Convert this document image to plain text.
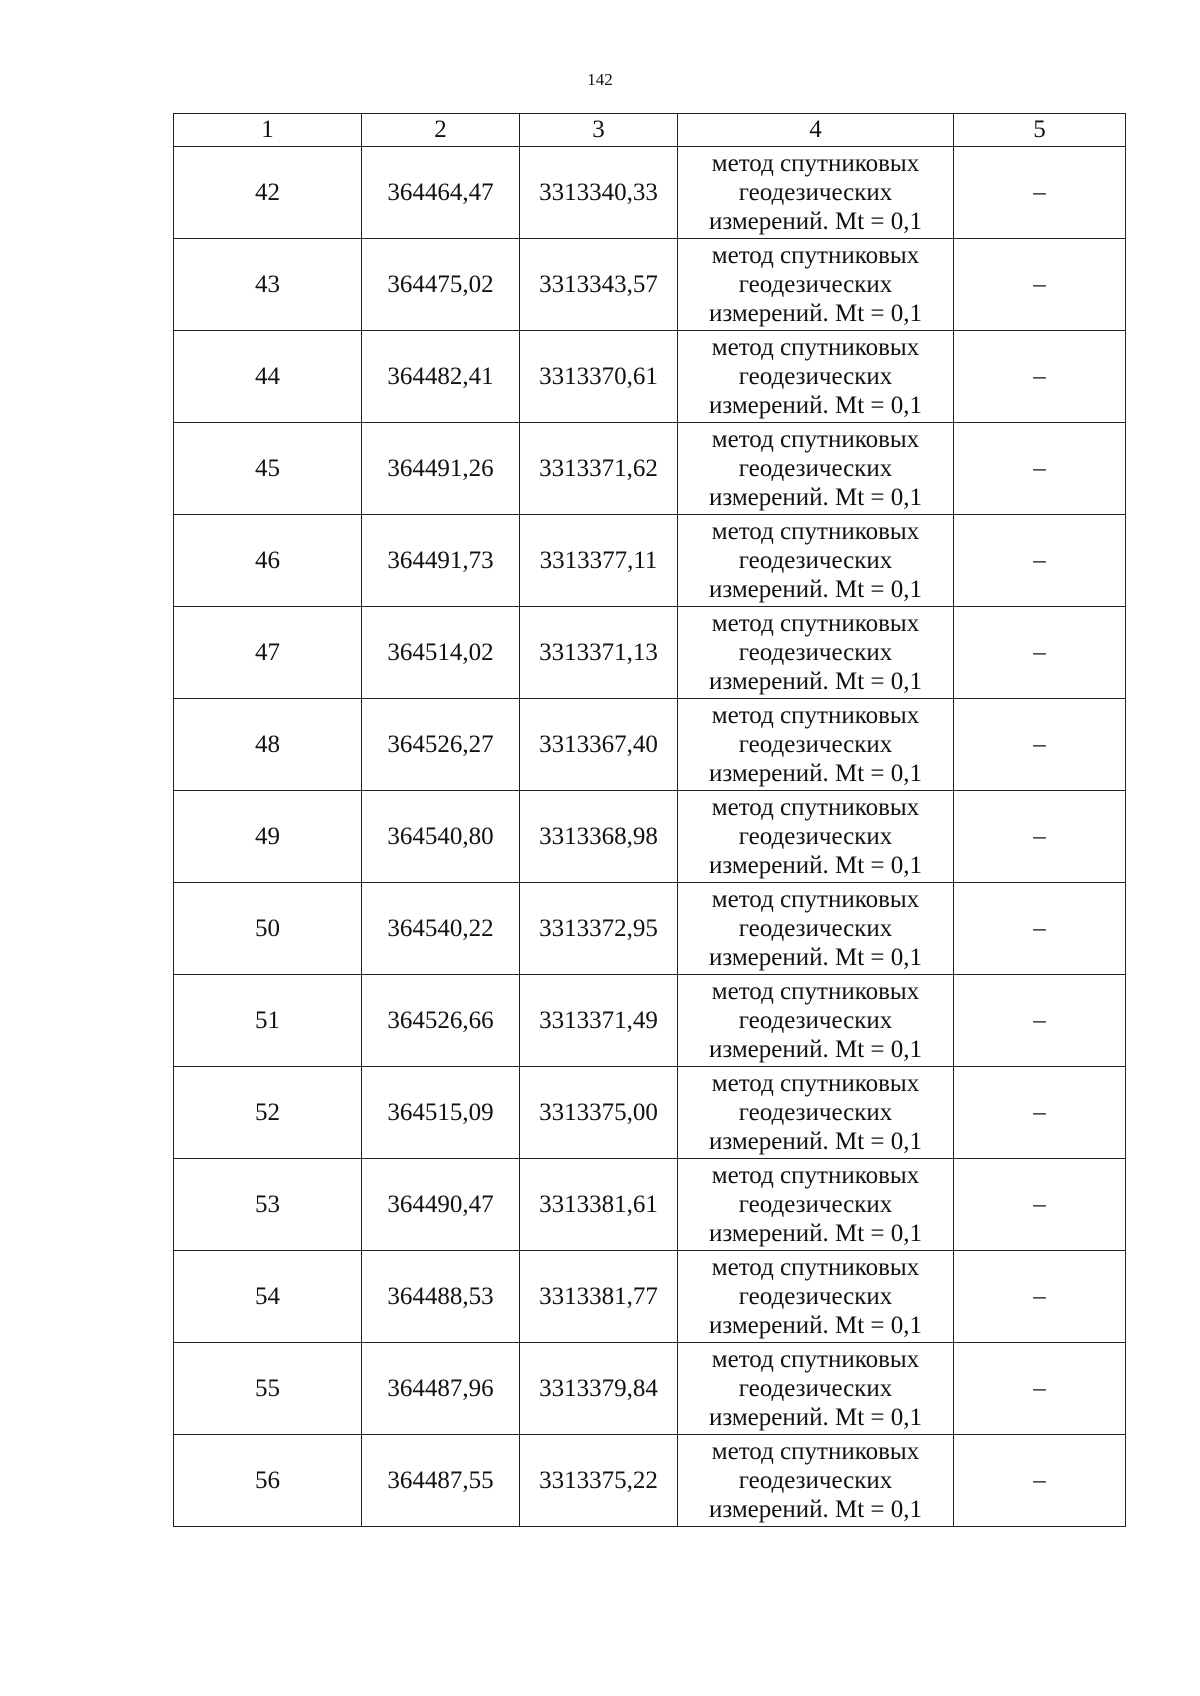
142
1	2	3	4	5
42	364464,47	3313340,33	метод спутниковых
геодезических
измерений. Mt = 0,1	–
43	364475,02	3313343,57	метод спутниковых
геодезических
измерений. Mt = 0,1	–
44	364482,41	3313370,61	метод спутниковых
геодезических
измерений. Mt = 0,1	–
45	364491,26	3313371,62	метод спутниковых
геодезических
измерений. Mt = 0,1	–
46	364491,73	3313377,11	метод спутниковых
геодезических
измерений. Mt = 0,1	–
47	364514,02	3313371,13	метод спутниковых
геодезических
измерений. Mt = 0,1	–
48	364526,27	3313367,40	метод спутниковых
геодезических
измерений. Mt = 0,1	–
49	364540,80	3313368,98	метод спутниковых
геодезических
измерений. Mt = 0,1	–
50	364540,22	3313372,95	метод спутниковых
геодезических
измерений. Mt = 0,1	–
51	364526,66	3313371,49	метод спутниковых
геодезических
измерений. Mt = 0,1	–
52	364515,09	3313375,00	метод спутниковых
геодезических
измерений. Mt = 0,1	–
53	364490,47	3313381,61	метод спутниковых
геодезических
измерений. Mt = 0,1	–
54	364488,53	3313381,77	метод спутниковых
геодезических
измерений. Mt = 0,1	–
55	364487,96	3313379,84	метод спутниковых
геодезических
измерений. Mt = 0,1	–
56	364487,55	3313375,22	метод спутниковых
геодезических
измерений. Mt = 0,1	–
